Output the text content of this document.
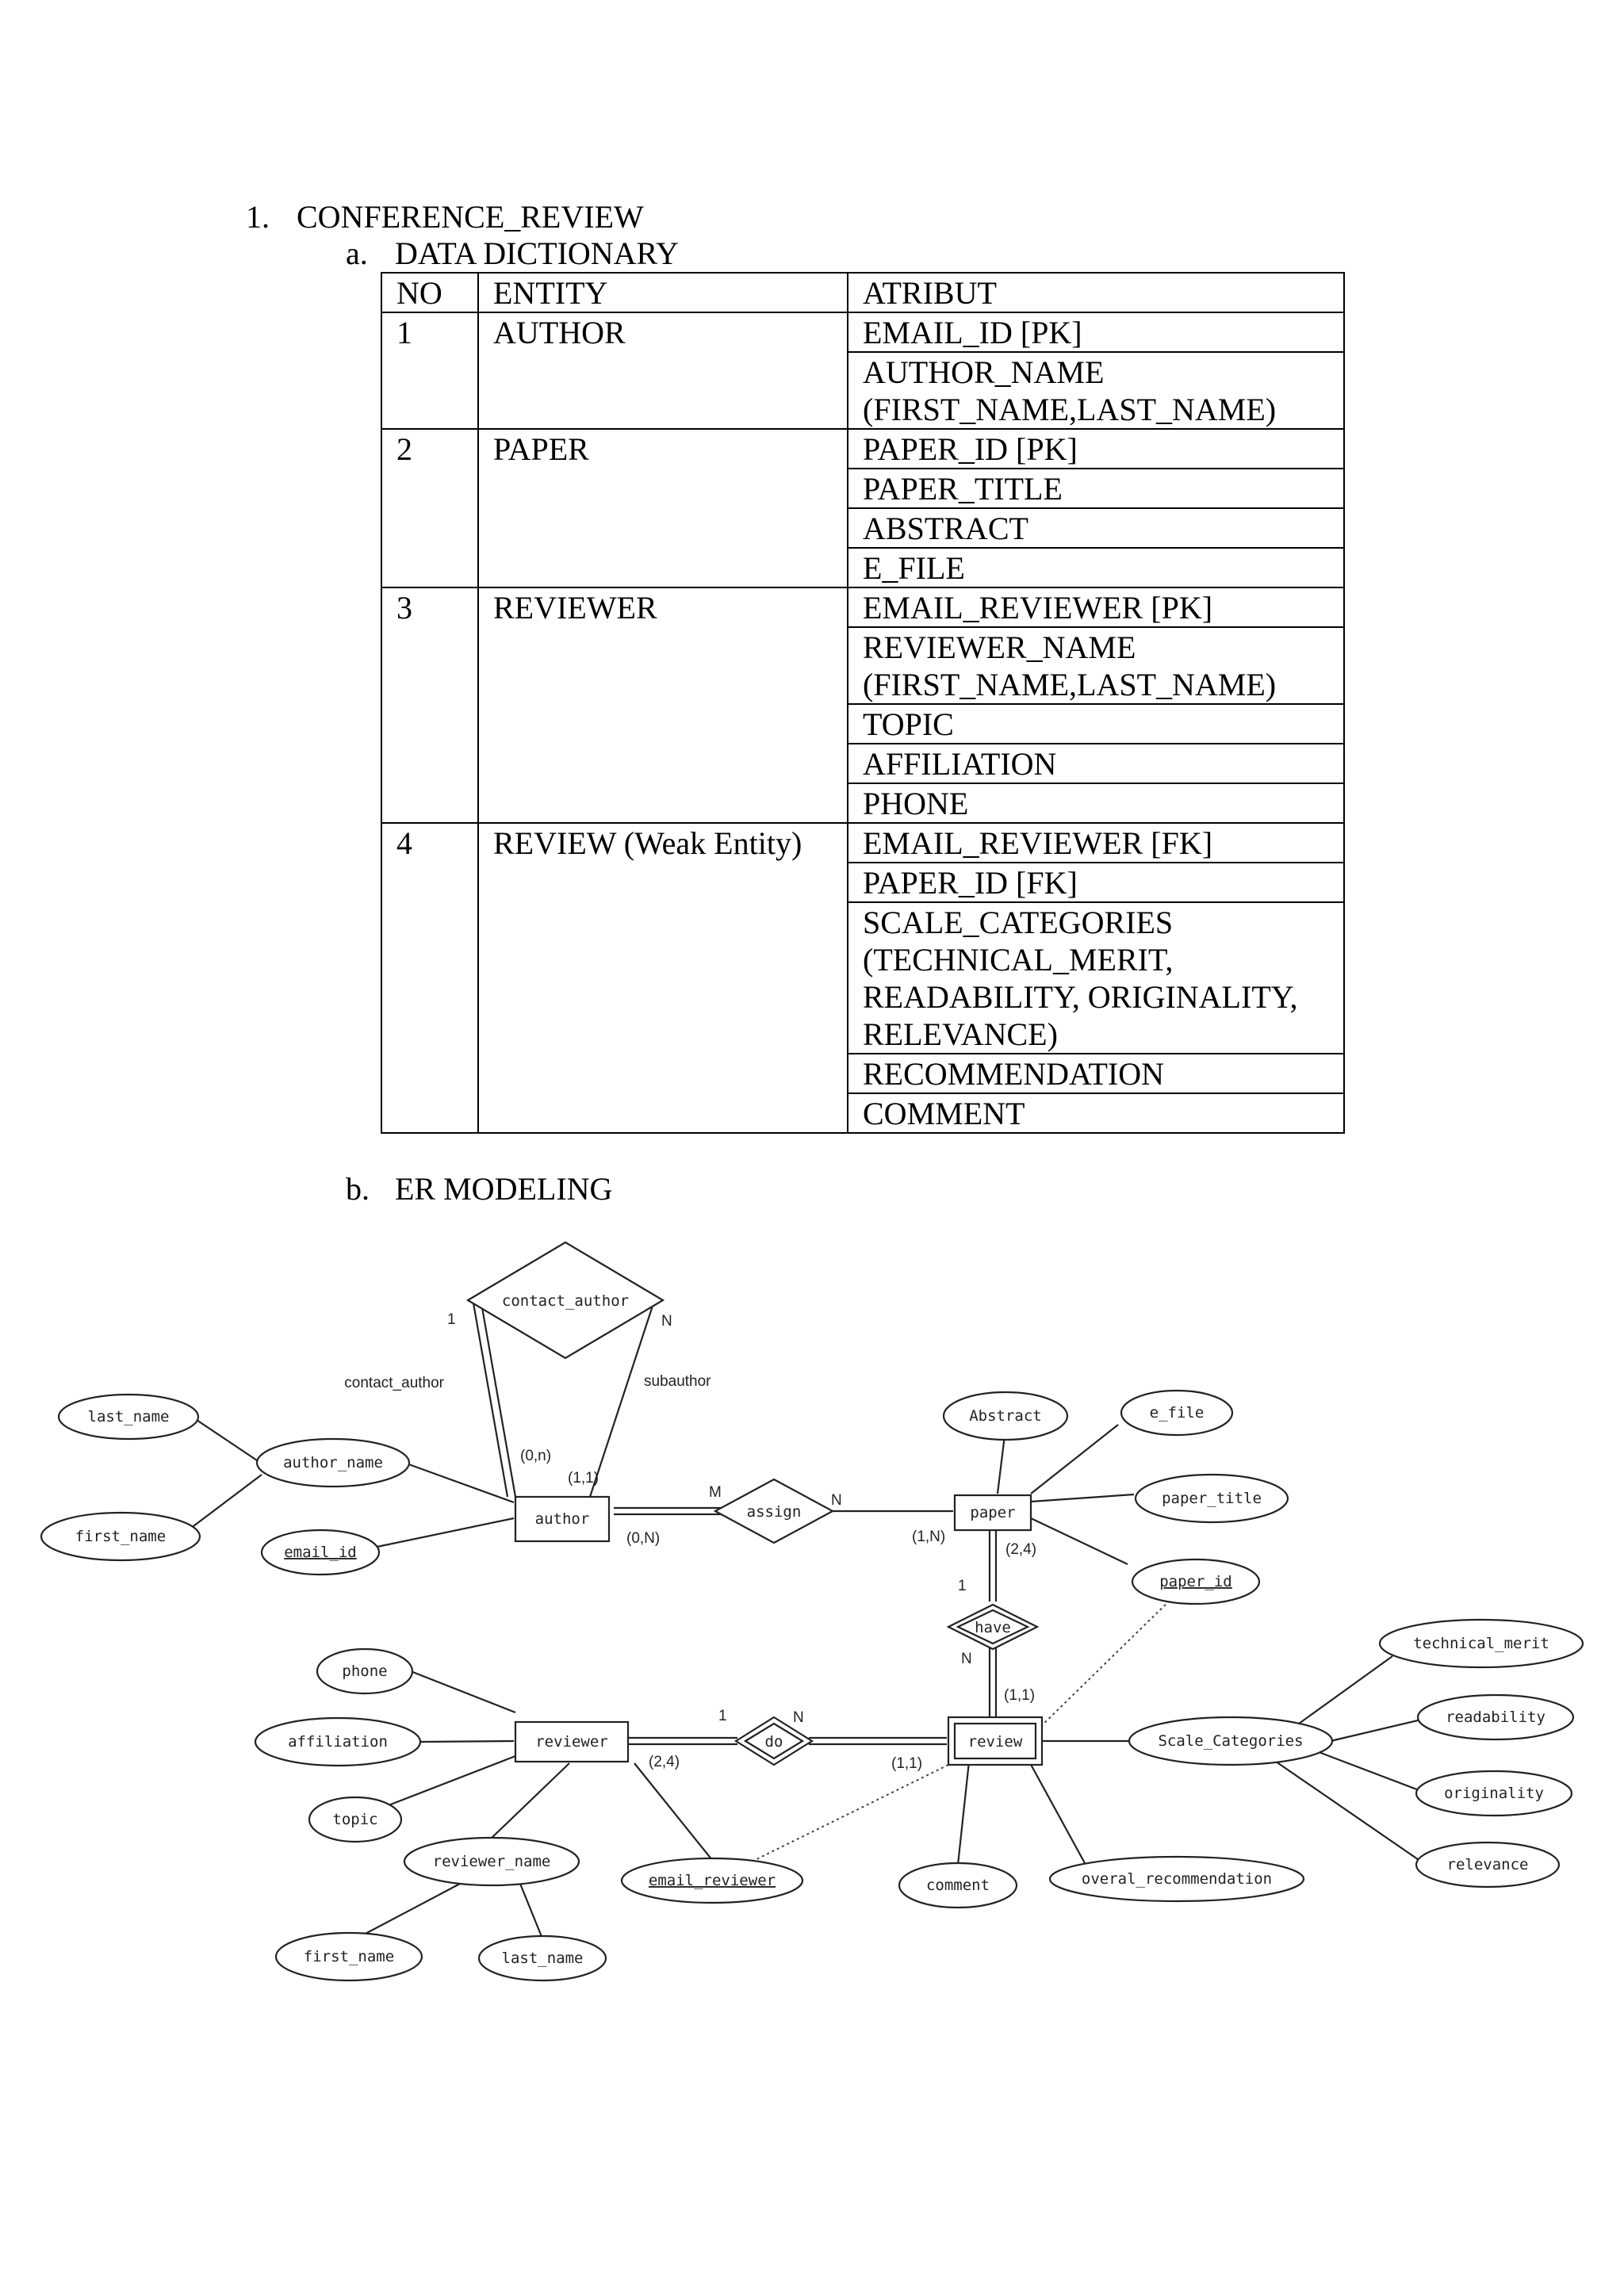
1. CONFERENCE_REVIEW
a. DATA DICTIONARY
NO	ENTITY	ATRIBUT
1	AUTHOR	EMAIL_ID [PK]
		AUTHOR_NAME
(FIRST_NAME,LAST_NAME)
2	PAPER	PAPER_ID [PK]
		PAPER_TITLE
		ABSTRACT
		E_FILE
3	REVIEWER	EMAIL_REVIEWER [PK]
		REVIEWER_NAME
(FIRST_NAME,LAST_NAME)
		TOPIC
		AFFILIATION
		PHONE
4	REVIEW (Weak Entity)	EMAIL_REVIEWER [FK]
		PAPER_ID [FK]
		SCALE_CATEGORIES
(TECHNICAL_MERIT,
READABILITY, ORIGINALITY,
RELEVANCE)
		RECOMMENDATION
		COMMENT
b. ER MODELING
contact_author
assign
have
do
author	paper
reviewer	review
last_name
first_name
author_name
email_id
Abstract	e_file
paper_title
paper_id
phone
affiliation
topic
reviewer_name
first_name	last_name
email_reviewer	comment	overal_recommendation
Scale_Categories
technical_merit
readability
originality
relevance
contact_author	subauthor
1	N
(0,n)
(1,1)
M	N
(0,N)	(1,N)
(2,4)
1
N
(1,1)
1	N
(2,4)	(1,1)
